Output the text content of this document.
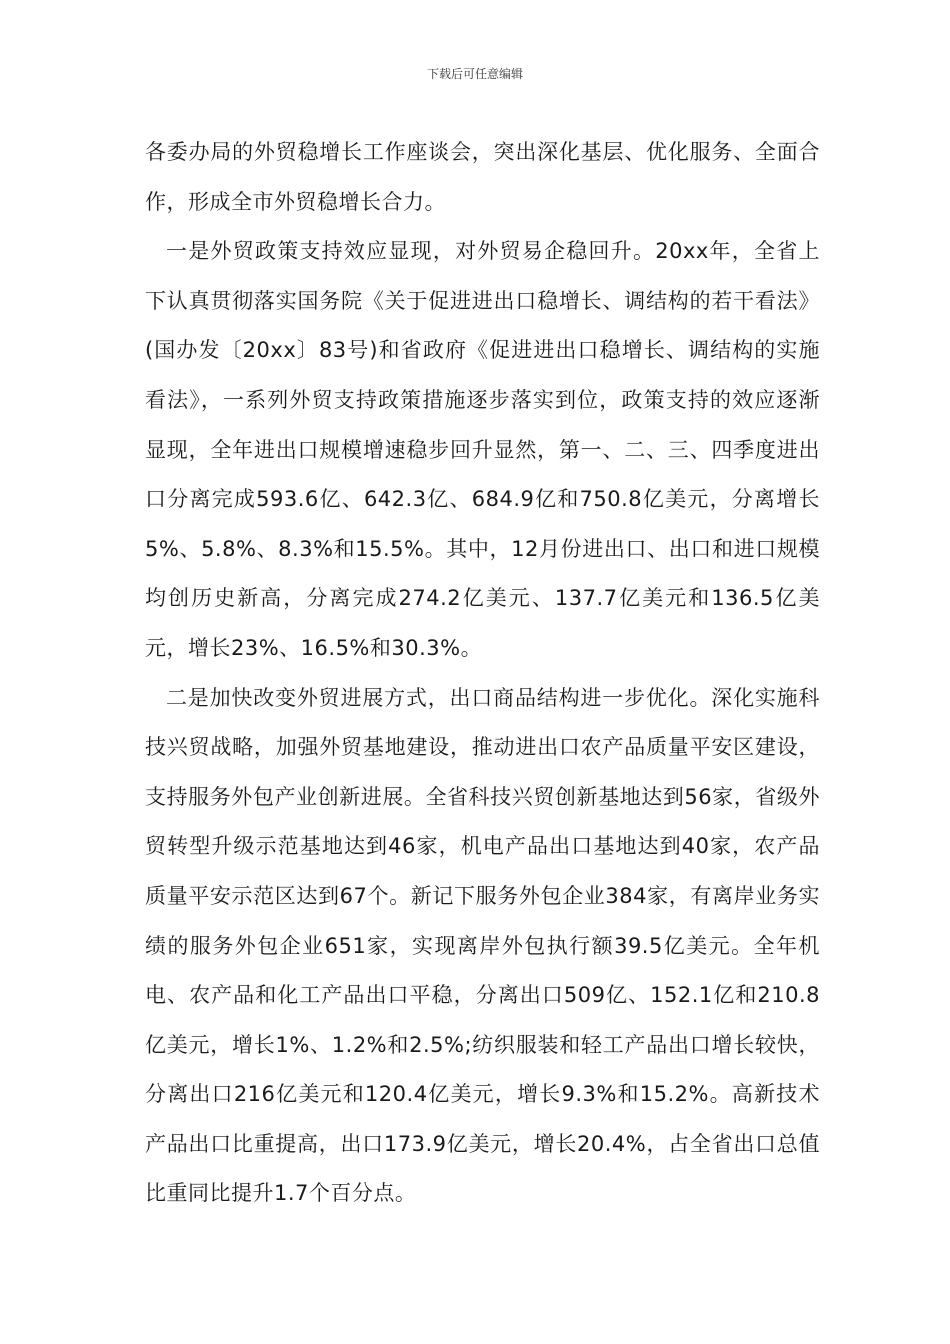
下载后可任意编辑

各委办局的外贸稳增长工作座谈会，突出深化基层、优化服务、全面合作，形成全市外贸稳增长合力。

一是外贸政策支持效应显现，对外贸易企稳回升。20xx年，全省上下认真贯彻落实国务院《关于促进进出口稳增长、调结构的若干看法》(国办发〔20xx〕83号)和省政府《促进进出口稳增长、调结构的实施看法》，一系列外贸支持政策措施逐步落实到位，政策支持的效应逐渐显现，全年进出口规模增速稳步回升显然，第一、二、三、四季度进出口分离完成593.6亿、642.3亿、684.9亿和750.8亿美元，分离增长5%、5.8%、8.3%和15.5%。其中，12月份进出口、出口和进口规模均创历史新高，分离完成274.2亿美元、137.7亿美元和136.5亿美元，增长23%、16.5%和30.3%。

二是加快改变外贸进展方式，出口商品结构进一步优化。深化实施科技兴贸战略，加强外贸基地建设，推动进出口农产品质量平安区建设，支持服务外包产业创新进展。全省科技兴贸创新基地达到56家，省级外贸转型升级示范基地达到46家，机电产品出口基地达到40家，农产品质量平安示范区达到67个。新记下服务外包企业384家，有离岸业务实绩的服务外包企业651家，实现离岸外包执行额39.5亿美元。全年机电、农产品和化工产品出口平稳，分离出口509亿、152.1亿和210.8亿美元，增长1%、1.2%和2.5%;纺织服装和轻工产品出口增长较快，分离出口216亿美元和120.4亿美元，增长9.3%和15.2%。高新技术产品出口比重提高，出口173.9亿美元，增长20.4%，占全省出口总值比重同比提升1.7个百分点。
